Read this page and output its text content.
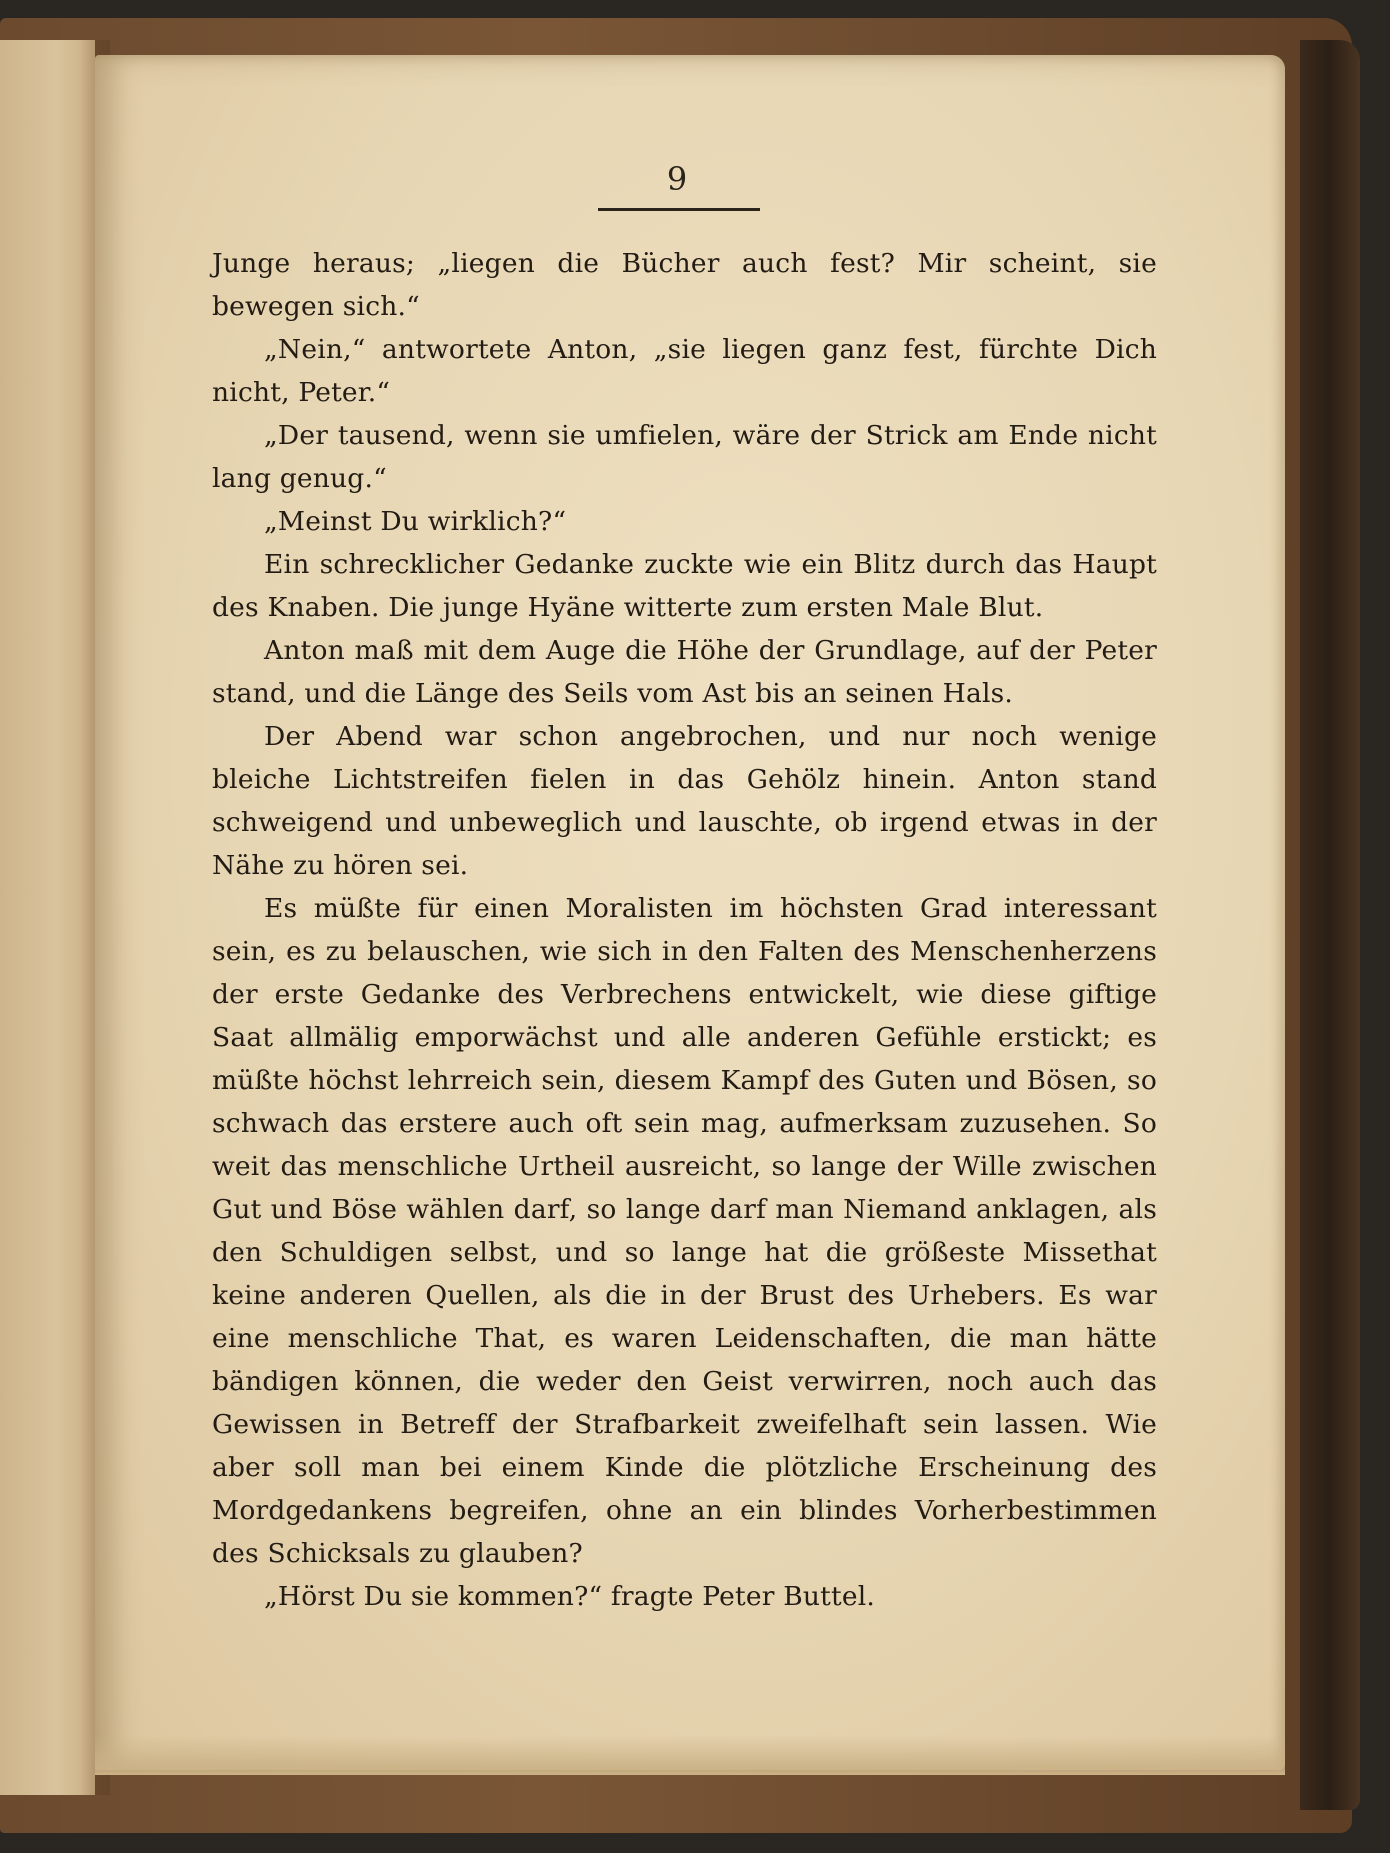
9

Junge heraus; „liegen die Bücher auch fest? Mir scheint, sie bewegen sich.“

„Nein,“ antwortete Anton, „sie liegen ganz fest, fürchte Dich nicht, Peter.“

„Der tausend, wenn sie umfielen, wäre der Strick am Ende nicht lang genug.“

„Meinst Du wirklich?“

Ein schrecklicher Gedanke zuckte wie ein Blitz durch das Haupt des Knaben. Die junge Hyäne witterte zum ersten Male Blut.

Anton maß mit dem Auge die Höhe der Grundlage, auf der Peter stand, und die Länge des Seils vom Ast bis an seinen Hals.

Der Abend war schon angebrochen, und nur noch wenige bleiche Lichtstreifen fielen in das Gehölz hinein. Anton stand schweigend und unbeweglich und lauschte, ob irgend etwas in der Nähe zu hören sei.

Es müßte für einen Moralisten im höchsten Grad interessant sein, es zu belauschen, wie sich in den Falten des Menschenherzens der erste Gedanke des Verbrechens entwickelt, wie diese giftige Saat allmälig emporwächst und alle anderen Gefühle erstickt; es müßte höchst lehrreich sein, diesem Kampf des Guten und Bösen, so schwach das erstere auch oft sein mag, aufmerksam zuzusehen. So weit das menschliche Urtheil ausreicht, so lange der Wille zwischen Gut und Böse wählen darf, so lange darf man Niemand anklagen, als den Schuldigen selbst, und so lange hat die größeste Missethat keine anderen Quellen, als die in der Brust des Urhebers. Es war eine menschliche That, es waren Leidenschaften, die man hätte bändigen können, die weder den Geist verwirren, noch auch das Gewissen in Betreff der Strafbarkeit zweifelhaft sein lassen. Wie aber soll man bei einem Kinde die plötzliche Erscheinung des Mordgedankens begreifen, ohne an ein blindes Vorherbestimmen des Schicksals zu glauben?

„Hörst Du sie kommen?“ fragte Peter Buttel.
